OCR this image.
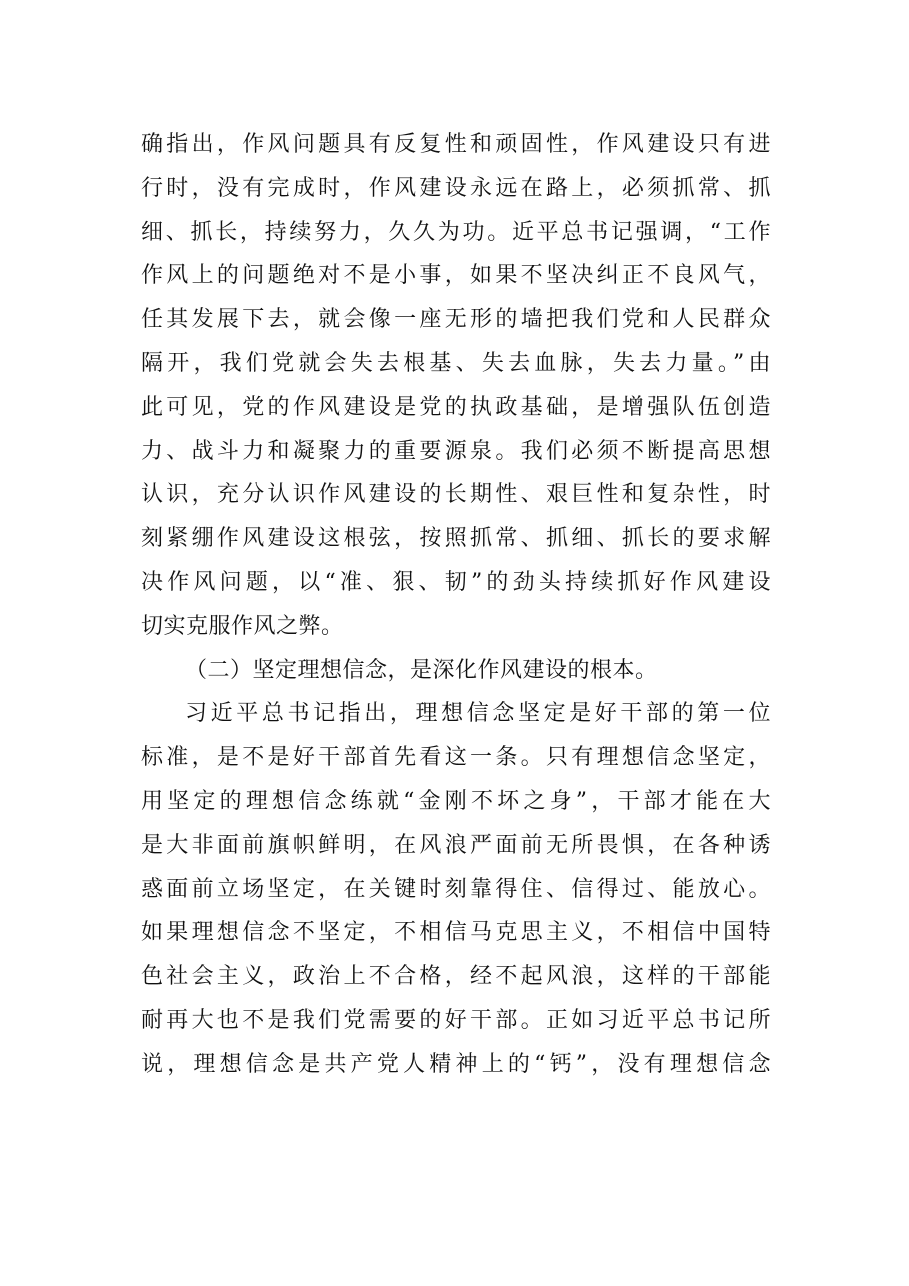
确指出，作风问题具有反复性和顽固性，作风建设只有进
行时，没有完成时，作风建设永远在路上，必须抓常、抓
细、抓长，持续努力，久久为功。近平总书记强调，“工作
作风上的问题绝对不是小事，如果不坚决纠正不良风气，
任其发展下去，就会像一座无形的墙把我们党和人民群众
隔开，我们党就会失去根基、失去血脉，失去力量。”由
此可见，党的作风建设是党的执政基础，是增强队伍创造
力、战斗力和凝聚力的重要源泉。我们必须不断提高思想
认识，充分认识作风建设的长期性、艰巨性和复杂性，时
刻紧绷作风建设这根弦，按照抓常、抓细、抓长的要求解
决作风问题，以“准、狠、韧”的劲头持续抓好作风建设
切实克服作风之弊。
（二）坚定理想信念，是深化作风建设的根本。
习近平总书记指出，理想信念坚定是好干部的第一位
标准，是不是好干部首先看这一条。只有理想信念坚定，
用坚定的理想信念练就“金刚不坏之身”，干部才能在大
是大非面前旗帜鲜明，在风浪严面前无所畏惧，在各种诱
惑面前立场坚定，在关键时刻靠得住、信得过、能放心。
如果理想信念不坚定，不相信马克思主义，不相信中国特
色社会主义，政治上不合格，经不起风浪，这样的干部能
耐再大也不是我们党需要的好干部。正如习近平总书记所
说，理想信念是共产党人精神上的“钙”，没有理想信念
